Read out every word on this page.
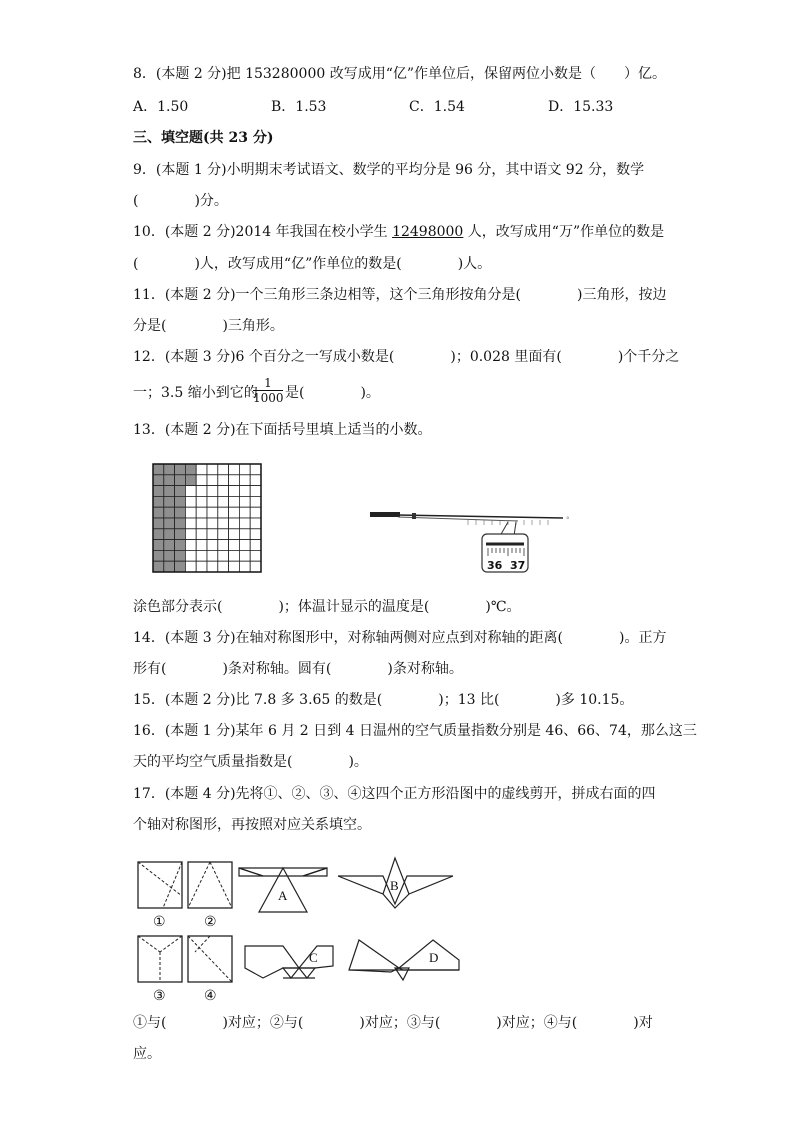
8．(本题 2 分)把 153280000 改写成用“亿”作单位后，保留两位小数是（　　）亿。
A．1.50	B．1.53	C．1.54	D．15.33
三、填空题(共 23 分)
9．(本题 1 分)小明期末考试语文、数学的平均分是 96 分，其中语文 92 分，数学
(　　　　)分。
10．(本题 2 分)2014 年我国在校小学生 12498000 人，改写成用“万”作单位的数是
(　　　　)人，改写成用“亿”作单位的数是(　　　　)人。
11．(本题 2 分)一个三角形三条边相等，这个三角形按角分是(　　　　)三角形，按边
分是(　　　　)三角形。
12．(本题 3 分)6 个百分之一写成小数是(　　　　)；0.028 里面有(　　　　)个千分之
一；3.5 缩小到它的
$\frac{1}{1000}$ 是(　　　　)。
13．(本题 2 分)在下面括号里填上适当的小数。
°
36 37
涂色部分表示(　　　　)；体温计显示的温度是(　　　　)℃。
14．(本题 3 分)在轴对称图形中，对称轴两侧对应点到对称轴的距离(　　　　)。正方
形有(　　　　)条对称轴。圆有(　　　　)条对称轴。
15．(本题 2 分)比 7.8 多 3.65 的数是(　　　　)；13 比(　　　　)多 10.15。
16．(本题 1 分)某年 6 月 2 日到 4 日温州的空气质量指数分别是 46、66、74，那么这三
天的平均空气质量指数是(　　　　)。
17．(本题 4 分)先将①、②、③、④这四个正方形沿图中的虚线剪开，拼成右面的四
个轴对称图形，再按照对应关系填空。
①	②
③	④
A
B
C	D
①与(　　　　)对应；②与(　　　　)对应；③与(　　　　)对应；④与(　　　　)对
应。
